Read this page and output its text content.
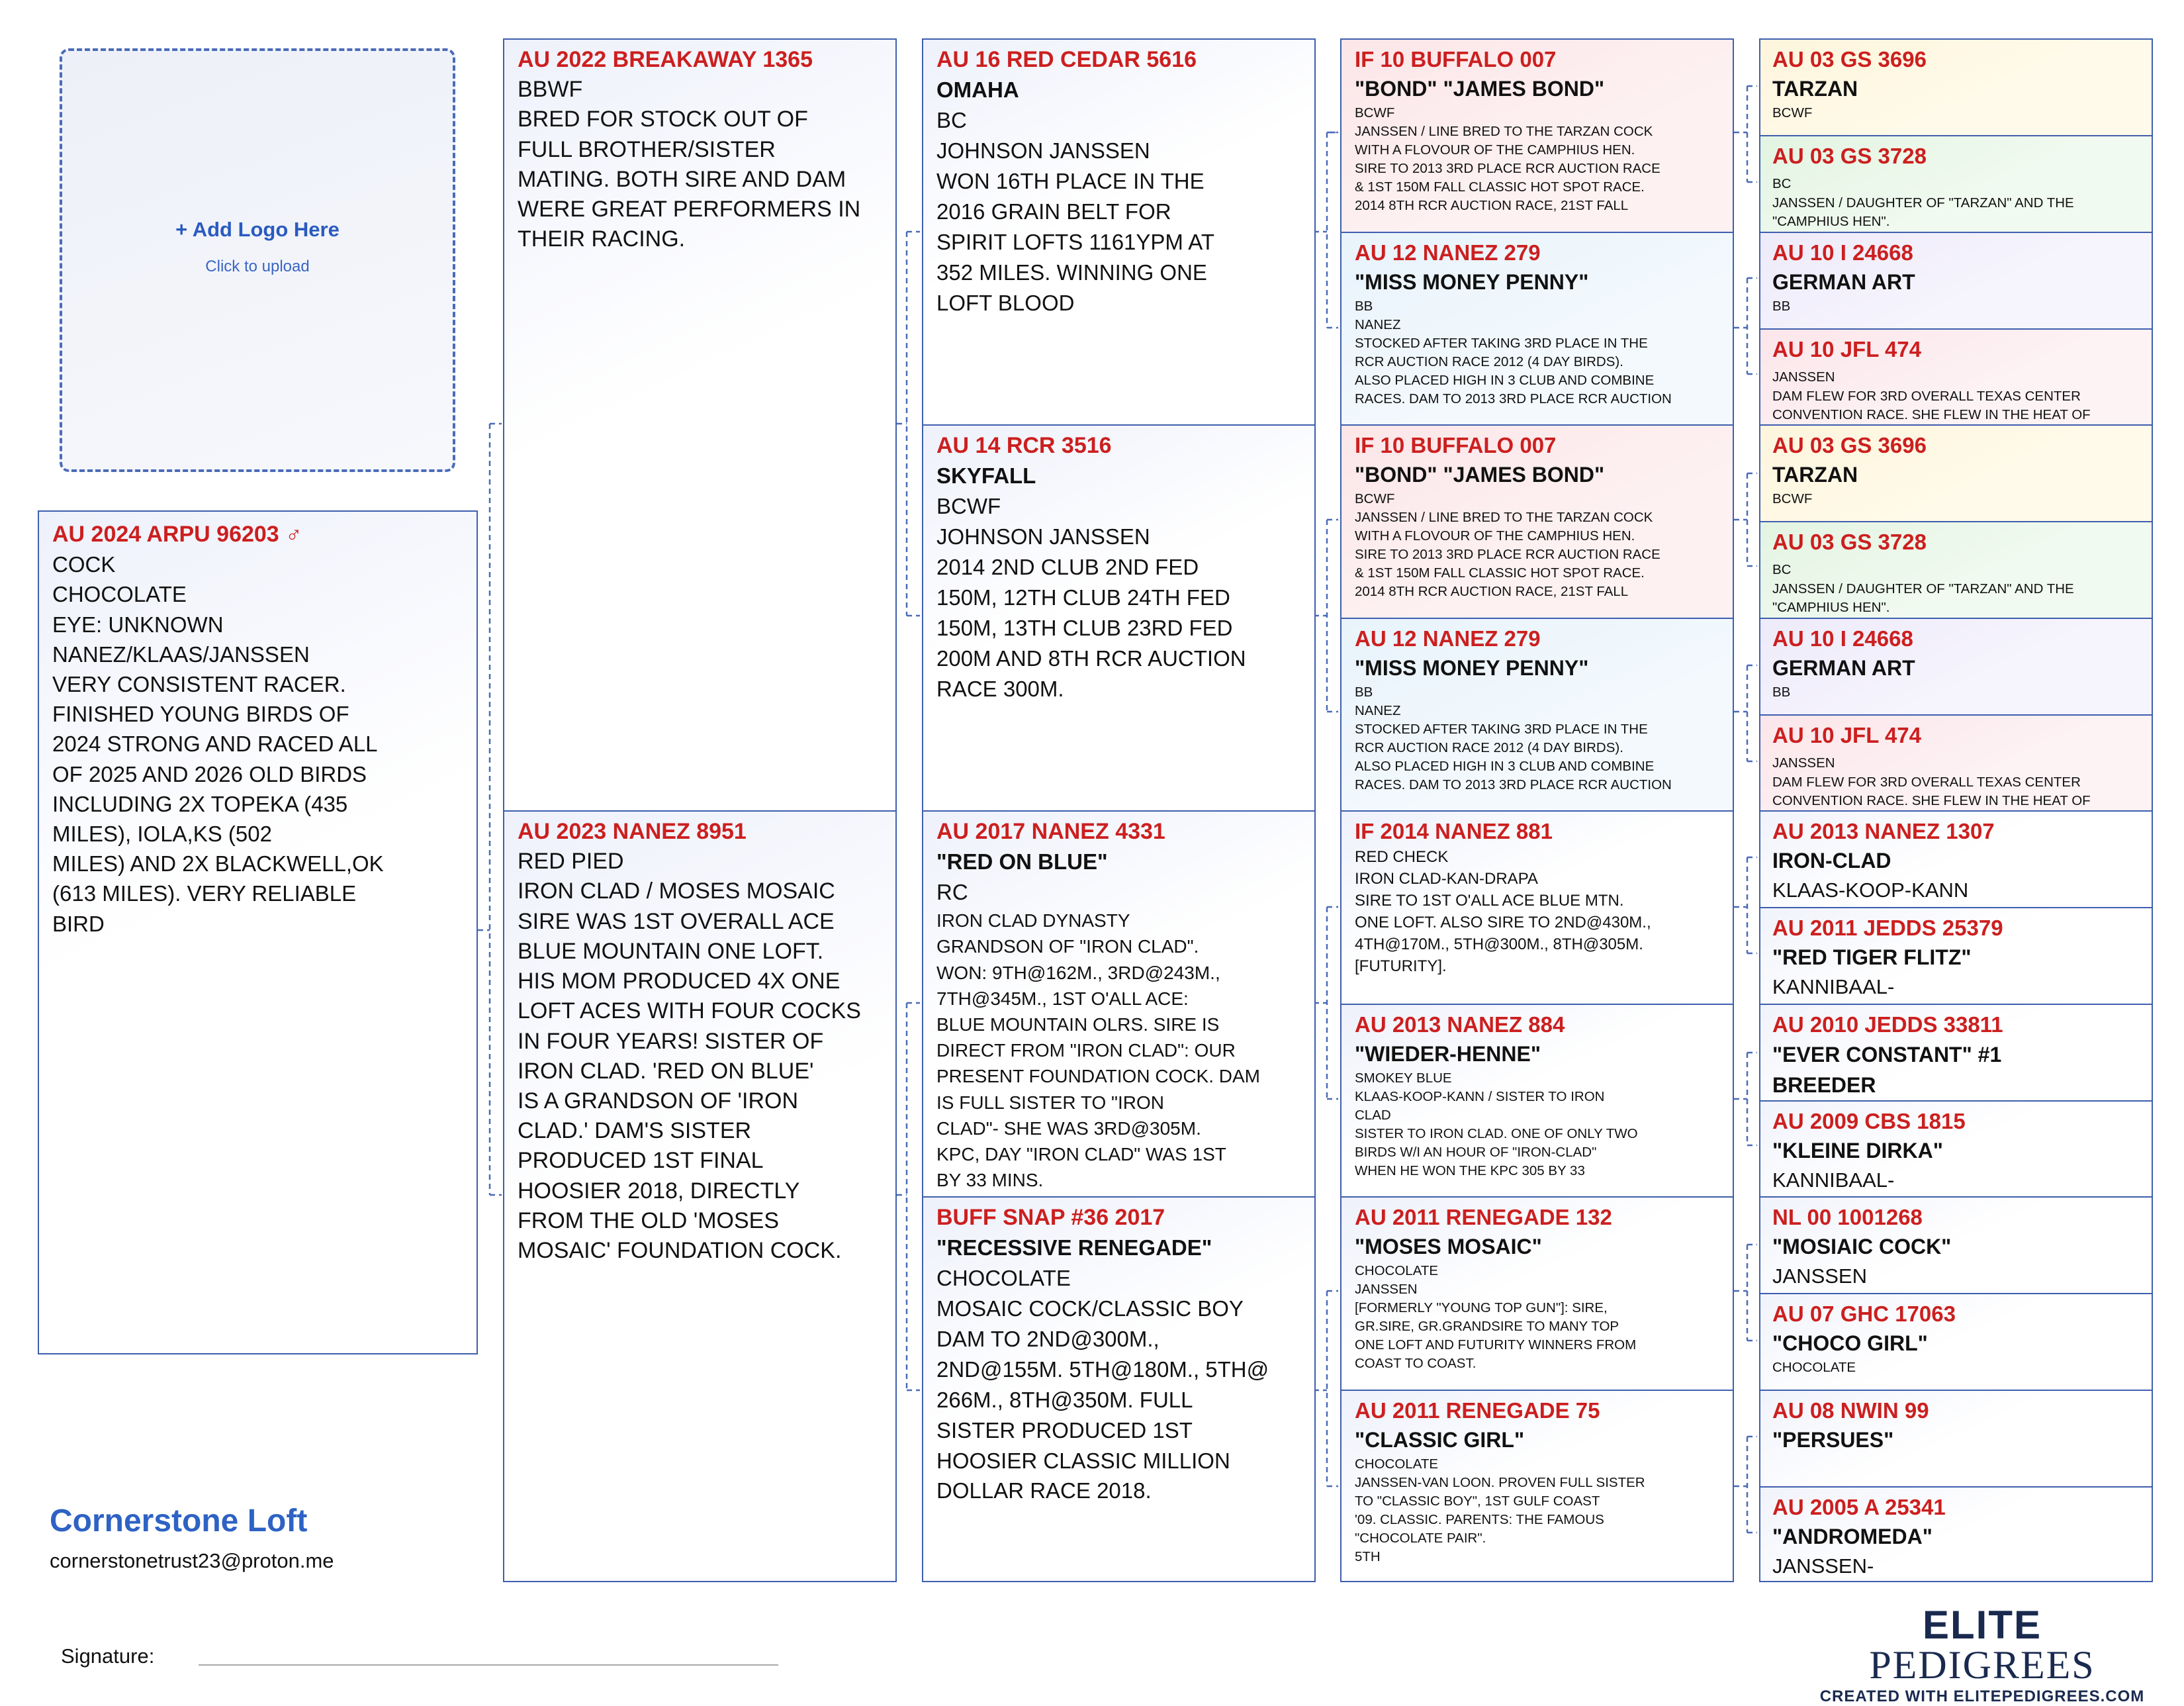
+ Add Logo Here
Click to upload
AU 2024 ARPU 96203 ♂
COCK
CHOCOLATE
EYE: UNKNOWN
NANEZ/KLAAS/JANSSEN
VERY CONSISTENT RACER.
FINISHED YOUNG BIRDS OF
2024 STRONG AND RACED ALL
OF 2025 AND 2026 OLD BIRDS
INCLUDING 2X TOPEKA (435
MILES), IOLA,KS (502
MILES) AND 2X BLACKWELL,OK
(613 MILES). VERY RELIABLE
BIRD
AU 2022 BREAKAWAY 1365
BBWF
BRED FOR STOCK OUT OF
FULL BROTHER/SISTER
MATING. BOTH SIRE AND DAM
WERE GREAT PERFORMERS IN
THEIR RACING.
AU 2023 NANEZ 8951
RED PIED
IRON CLAD / MOSES MOSAIC
SIRE WAS 1ST OVERALL ACE
BLUE MOUNTAIN ONE LOFT.
HIS MOM PRODUCED 4X ONE
LOFT ACES WITH FOUR COCKS
IN FOUR YEARS! SISTER OF
IRON CLAD. 'RED ON BLUE'
IS A GRANDSON OF 'IRON
CLAD.' DAM'S SISTER
PRODUCED 1ST FINAL
HOOSIER 2018, DIRECTLY
FROM THE OLD 'MOSES
MOSAIC' FOUNDATION COCK.
AU 16 RED CEDAR 5616
OMAHA
BC
JOHNSON JANSSEN
WON 16TH PLACE IN THE
2016 GRAIN BELT FOR
SPIRIT LOFTS 1161YPM AT
352 MILES. WINNING ONE
LOFT BLOOD
AU 14 RCR 3516
SKYFALL
BCWF
JOHNSON JANSSEN
2014 2ND CLUB 2ND FED
150M, 12TH CLUB 24TH FED
150M, 13TH CLUB 23RD FED
200M AND 8TH RCR AUCTION
RACE 300M.
AU 2017 NANEZ 4331
"RED ON BLUE"
RC
IRON CLAD DYNASTY
GRANDSON OF "IRON CLAD".
WON: 9TH@162M., 3RD@243M.,
7TH@345M., 1ST O'ALL ACE:
BLUE MOUNTAIN OLRS. SIRE IS
DIRECT FROM "IRON CLAD": OUR
PRESENT FOUNDATION COCK. DAM
IS FULL SISTER TO "IRON
CLAD"- SHE WAS 3RD@305M.
KPC, DAY "IRON CLAD" WAS 1ST
BY 33 MINS.
BUFF SNAP #36 2017
"RECESSIVE RENEGADE"
CHOCOLATE
MOSAIC COCK/CLASSIC BOY
DAM TO 2ND@300M.,
2ND@155M. 5TH@180M., 5TH@
266M., 8TH@350M. FULL
SISTER PRODUCED 1ST
HOOSIER CLASSIC MILLION
DOLLAR RACE 2018.
IF 10 BUFFALO 007
"BOND" "JAMES BOND"
BCWF
JANSSEN / LINE BRED TO THE TARZAN COCK
WITH A FLOVOUR OF THE CAMPHIUS HEN.
SIRE TO 2013 3RD PLACE RCR AUCTION RACE
& 1ST 150M FALL CLASSIC HOT SPOT RACE.
2014 8TH RCR AUCTION RACE, 21ST FALL
AU 12 NANEZ 279
"MISS MONEY PENNY"
BB
NANEZ
STOCKED AFTER TAKING 3RD PLACE IN THE
RCR AUCTION RACE 2012 (4 DAY BIRDS).
ALSO PLACED HIGH IN 3 CLUB AND COMBINE
RACES. DAM TO 2013 3RD PLACE RCR AUCTION
IF 10 BUFFALO 007
"BOND" "JAMES BOND"
BCWF
JANSSEN / LINE BRED TO THE TARZAN COCK
WITH A FLOVOUR OF THE CAMPHIUS HEN.
SIRE TO 2013 3RD PLACE RCR AUCTION RACE
& 1ST 150M FALL CLASSIC HOT SPOT RACE.
2014 8TH RCR AUCTION RACE, 21ST FALL
AU 12 NANEZ 279
"MISS MONEY PENNY"
BB
NANEZ
STOCKED AFTER TAKING 3RD PLACE IN THE
RCR AUCTION RACE 2012 (4 DAY BIRDS).
ALSO PLACED HIGH IN 3 CLUB AND COMBINE
RACES. DAM TO 2013 3RD PLACE RCR AUCTION
IF 2014 NANEZ 881
RED CHECK
IRON CLAD-KAN-DRAPA
SIRE TO 1ST O'ALL ACE BLUE MTN.
ONE LOFT. ALSO SIRE TO 2ND@430M.,
4TH@170M., 5TH@300M., 8TH@305M.
[FUTURITY].
AU 2013 NANEZ 884
"WIEDER-HENNE"
SMOKEY BLUE
KLAAS-KOOP-KANN / SISTER TO IRON
CLAD
SISTER TO IRON CLAD. ONE OF ONLY TWO
BIRDS W/I AN HOUR OF "IRON-CLAD"
WHEN HE WON THE KPC 305 BY 33
AU 2011 RENEGADE 132
"MOSES MOSAIC"
CHOCOLATE
JANSSEN
[FORMERLY "YOUNG TOP GUN"]: SIRE,
GR.SIRE, GR.GRANDSIRE TO MANY TOP
ONE LOFT AND FUTURITY WINNERS FROM
COAST TO COAST.
AU 2011 RENEGADE 75
"CLASSIC GIRL"
CHOCOLATE
JANSSEN-VAN LOON. PROVEN FULL SISTER
TO "CLASSIC BOY", 1ST GULF COAST
'09. CLASSIC. PARENTS: THE FAMOUS
"CHOCOLATE PAIR".
5TH
AU 03 GS 3696
TARZAN
BCWF
AU 03 GS 3728
BC
JANSSEN / DAUGHTER OF "TARZAN" AND THE
"CAMPHIUS HEN".
AU 10 I 24668
GERMAN ART
BB
AU 10 JFL 474
JANSSEN
DAM FLEW FOR 3RD OVERALL TEXAS CENTER
CONVENTION RACE. SHE FLEW IN THE HEAT OF
AU 03 GS 3696
TARZAN
BCWF
AU 03 GS 3728
BC
JANSSEN / DAUGHTER OF "TARZAN" AND THE
"CAMPHIUS HEN".
AU 10 I 24668
GERMAN ART
BB
AU 10 JFL 474
JANSSEN
DAM FLEW FOR 3RD OVERALL TEXAS CENTER
CONVENTION RACE. SHE FLEW IN THE HEAT OF
AU 2013 NANEZ 1307
IRON-CLAD
KLAAS-KOOP-KANN
AU 2011 JEDDS 25379
"RED TIGER FLITZ"
KANNIBAAL-
AU 2010 JEDDS 33811
"EVER CONSTANT" #1
BREEDER
AU 2009 CBS 1815
"KLEINE DIRKA"
KANNIBAAL-
NL 00 1001268
"MOSIAIC COCK"
JANSSEN
AU 07 GHC 17063
"CHOCO GIRL"
CHOCOLATE
AU 08 NWIN 99
"PERSUES"
AU 2005 A 25341
"ANDROMEDA"
JANSSEN-
Cornerstone Loft
cornerstonetrust23@proton.me
Signature:
ELITE PEDIGREES
CREATED WITH ELITEPEDIGREES.COM
